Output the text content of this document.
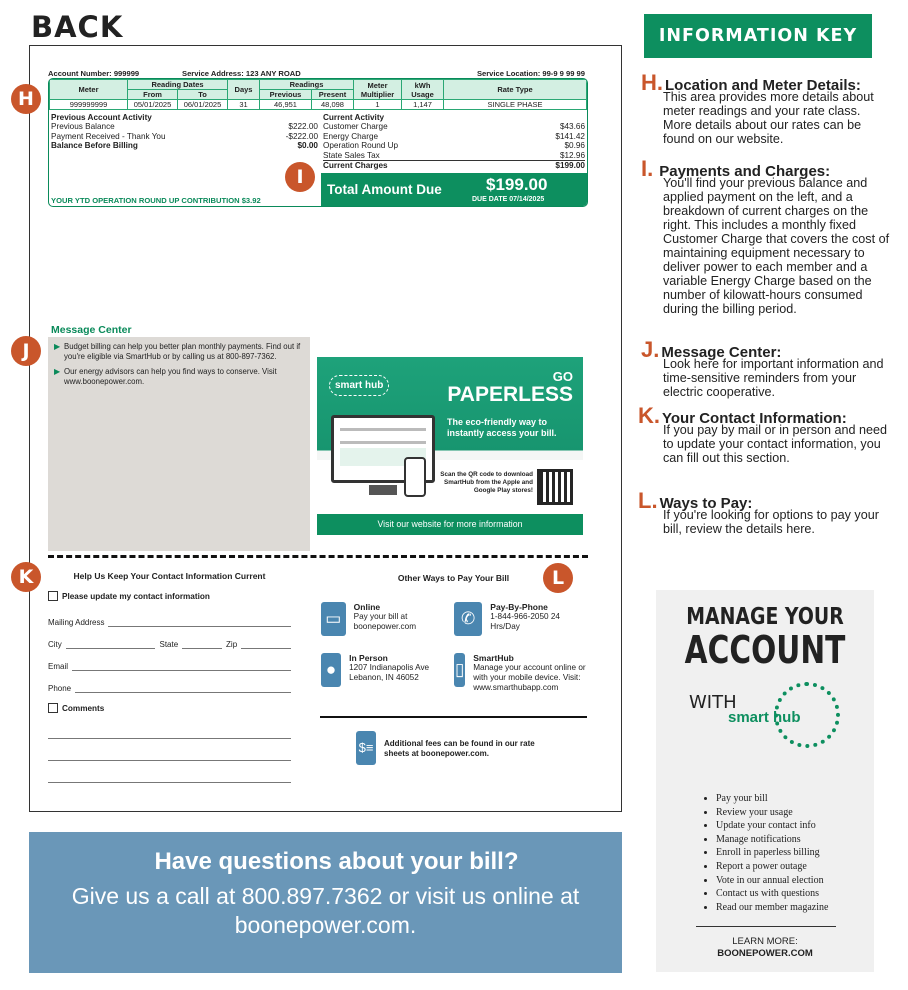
BACK
Account Number: 999999	Service Address: 123 ANY ROAD	Service Location: 99-9 9 99 99
Meter	Reading Dates		Days	Readings		Meter Multiplier	kWh Usage	Rate Type
	From	To		Previous	Present			
999999999	05/01/2025	06/01/2025	31	46,951	48,098	1	1,147	SINGLE PHASE
Previous Account Activity
Previous Balance	$222.00
Payment Received - Thank You	-$222.00
Balance Before Billing	$0.00
Current Activity
Customer Charge	$43.66
Energy Charge	$141.42
Operation Round Up	$0.96
State Sales Tax	$12.96
Current Charges	$199.00
YOUR YTD OPERATION ROUND UP CONTRIBUTION $3.92
Total Amount Due	$199.00
DUE DATE 07/14/2025
H
I
J
K	L
Message Center
▶ Budget billing can help you better plan monthly payments. Find out if you're eligible via SmartHub or by calling us at 800-897-7362.
▶ Our energy advisors can help you find ways to conserve. Visit www.boonepower.com.	smart hub
GO
PAPERLESS
The eco-friendly way to instantly access your bill.
Scan the QR code to download SmartHub from the Apple and Google Play stores!
Visit our website for more information
Help Us Keep Your Contact Information Current
Please update my contact information
Mailing Address
City	State	Zip
Email
Phone
Comments
Other Ways to Pay Your Bill
▭
Online
Pay your bill at boonepower.com	✆
Pay-By-Phone
1-844-966-2050 24 Hrs/Day
●
In Person
1207 Indianapolis Ave Lebanon, IN 46052	▯
SmartHub
Manage your account online or with your mobile device. Visit: www.smarthubapp.com
$≡	Additional fees can be found in our rate sheets at boonepower.com.
Have questions about your bill?
Give us a call at 800.897.7362 or visit us online at boonepower.com.
INFORMATION KEY
H. Location and Meter Details:
This area provides more details about meter readings and your rate class. More details about our rates can be found on our website.
I. Payments and Charges:
You'll find your previous balance and applied payment on the left, and a breakdown of current charges on the right. This includes a monthly fixed Customer Charge that covers the cost of maintaining equipment necessary to deliver power to each member and a variable Energy Charge based on the number of kilowatt-hours consumed during the billing period.
J. Message Center:
Look here for important information and time-sensitive reminders from your electric cooperative.
K. Your Contact Information:
If you pay by mail or in person and need to update your contact information, you can fill out this section.
L. Ways to Pay:
If you're looking for options to pay your bill, review the details here.
MANAGE YOUR
ACCOUNT
WITH
smart hub
• Pay your bill
• Review your usage
• Update your contact info
• Manage notifications
• Enroll in paperless billing
• Report a power outage
• Vote in our annual election
• Contact us with questions
• Read our member magazine
LEARN MORE:
BOONEPOWER.COM
